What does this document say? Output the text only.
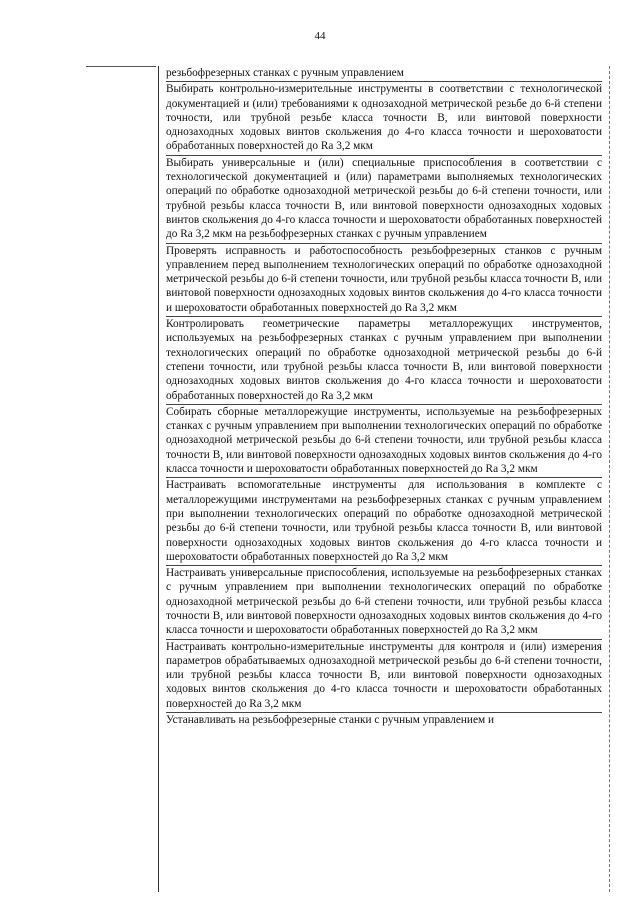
44
резьбофрезерных станках с ручным управлением
Выбирать контрольно-измерительные инструменты в соответствии с технологической документацией и (или) требованиями к однозаходной метрической резьбе до 6-й степени точности, или трубной резьбе класса точности В, или винтовой поверхности однозаходных ходовых винтов скольжения до 4-го класса точности и шероховатости обработанных поверхностей до Ra 3,2 мкм
Выбирать универсальные и (или) специальные приспособления в соответствии с технологической документацией и (или) параметрами выполняемых технологических операций по обработке однозаходной метрической резьбы до 6-й степени точности, или трубной резьбы класса точности В, или винтовой поверхности однозаходных ходовых винтов скольжения до 4-го класса точности и шероховатости обработанных поверхностей до Ra 3,2 мкм на резьбофрезерных станках с ручным управлением
Проверять исправность и работоспособность резьбофрезерных станков с ручным управлением перед выполнением технологических операций по обработке однозаходной метрической резьбы до 6-й степени точности, или трубной резьбы класса точности В, или винтовой поверхности однозаходных ходовых винтов скольжения до 4-го класса точности и шероховатости обработанных поверхностей до Ra 3,2 мкм
Контролировать геометрические параметры металлорежущих инструментов, используемых на резьбофрезерных станках с ручным управлением при выполнении технологических операций по обработке однозаходной метрической резьбы до 6-й степени точности, или трубной резьбы класса точности В, или винтовой поверхности однозаходных ходовых винтов скольжения до 4-го класса точности и шероховатости обработанных поверхностей до Ra 3,2 мкм
Собирать сборные металлорежущие инструменты, используемые на резьбофрезерных станках с ручным управлением при выполнении технологических операций по обработке однозаходной метрической резьбы до 6-й степени точности, или трубной резьбы класса точности В, или винтовой поверхности однозаходных ходовых винтов скольжения до 4-го класса точности и шероховатости обработанных поверхностей до Ra 3,2 мкм
Настраивать вспомогательные инструменты для использования в комплекте с металлорежущими инструментами на резьбофрезерных станках с ручным управлением при выполнении технологических операций по обработке однозаходной метрической резьбы до 6-й степени точности, или трубной резьбы класса точности В, или винтовой поверхности однозаходных ходовых винтов скольжения до 4-го класса точности и шероховатости обработанных поверхностей до Ra 3,2 мкм
Настраивать универсальные приспособления, используемые на резьбофрезерных станках с ручным управлением при выполнении технологических операций по обработке однозаходной метрической резьбы до 6-й степени точности, или трубной резьбы класса точности В, или винтовой поверхности однозаходных ходовых винтов скольжения до 4-го класса точности и шероховатости обработанных поверхностей до Ra 3,2 мкм
Настраивать контрольно-измерительные инструменты для контроля и (или) измерения параметров обрабатываемых однозаходной метрической резьбы до 6-й степени точности, или трубной резьбы класса точности В, или винтовой поверхности однозаходных ходовых винтов скольжения до 4-го класса точности и шероховатости обработанных поверхностей до Ra 3,2 мкм
Устанавливать на резьбофрезерные станки с ручным управлением и
